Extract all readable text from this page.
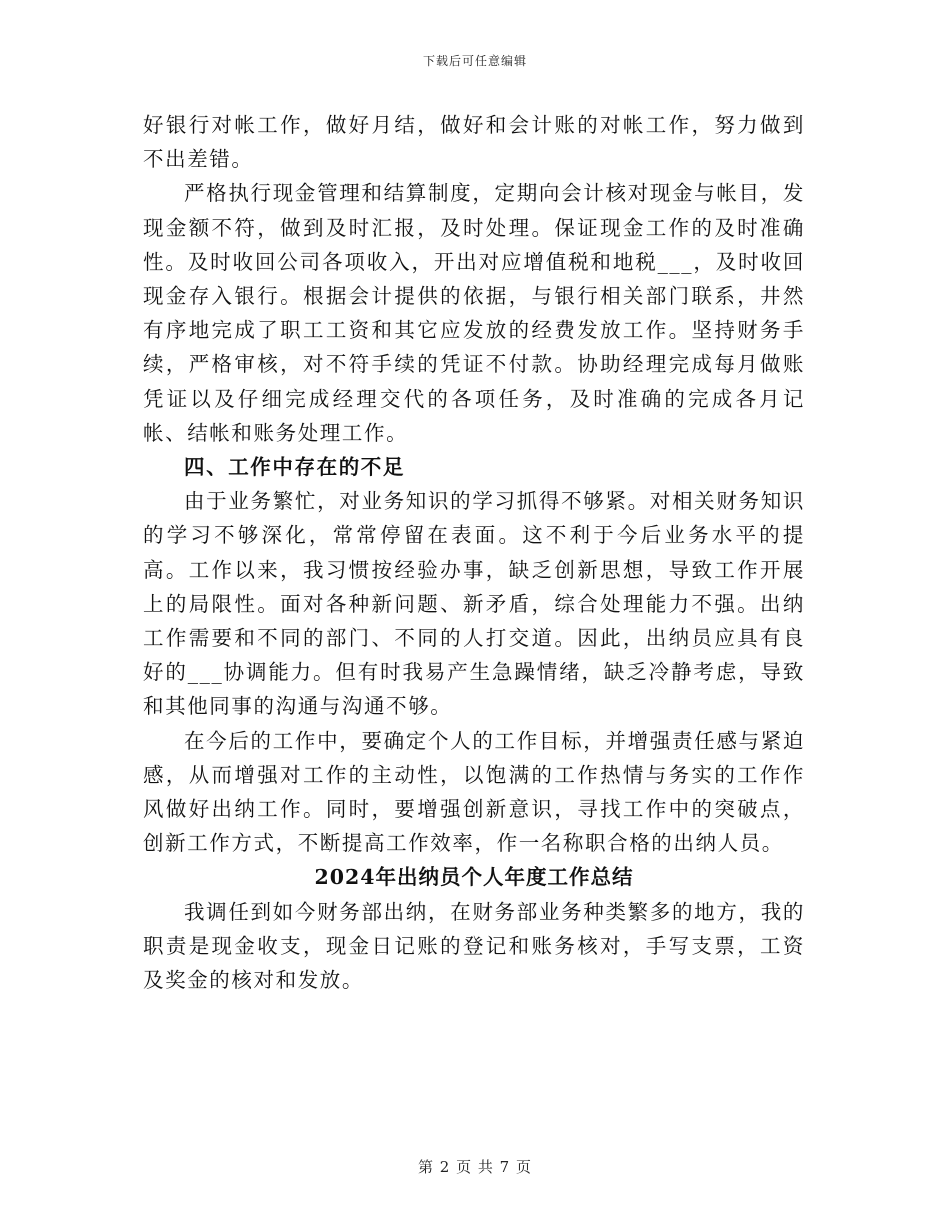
下载后可任意编辑

好银行对帐工作，做好月结，做好和会计账的对帐工作，努力做到不出差错。

严格执行现金管理和结算制度，定期向会计核对现金与帐目，发现金额不符，做到及时汇报，及时处理。保证现金工作的及时准确性。及时收回公司各项收入，开出对应增值税和地税___，及时收回现金存入银行。根据会计提供的依据，与银行相关部门联系，井然有序地完成了职工工资和其它应发放的经费发放工作。坚持财务手续，严格审核，对不符手续的凭证不付款。协助经理完成每月做账凭证以及仔细完成经理交代的各项任务，及时准确的完成各月记帐、结帐和账务处理工作。

四、工作中存在的不足

由于业务繁忙，对业务知识的学习抓得不够紧。对相关财务知识的学习不够深化，常常停留在表面。这不利于今后业务水平的提高。工作以来，我习惯按经验办事，缺乏创新思想，导致工作开展上的局限性。面对各种新问题、新矛盾，综合处理能力不强。出纳工作需要和不同的部门、不同的人打交道。因此，出纳员应具有良好的___协调能力。但有时我易产生急躁情绪，缺乏冷静考虑，导致和其他同事的沟通与沟通不够。

在今后的工作中，要确定个人的工作目标，并增强责任感与紧迫感，从而增强对工作的主动性，以饱满的工作热情与务实的工作作风做好出纳工作。同时，要增强创新意识，寻找工作中的突破点，创新工作方式，不断提高工作效率，作一名称职合格的出纳人员。

2024年出纳员个人年度工作总结

我调任到如今财务部出纳，在财务部业务种类繁多的地方，我的职责是现金收支，现金日记账的登记和账务核对，手写支票，工资及奖金的核对和发放。

第 2 页 共 7 页
